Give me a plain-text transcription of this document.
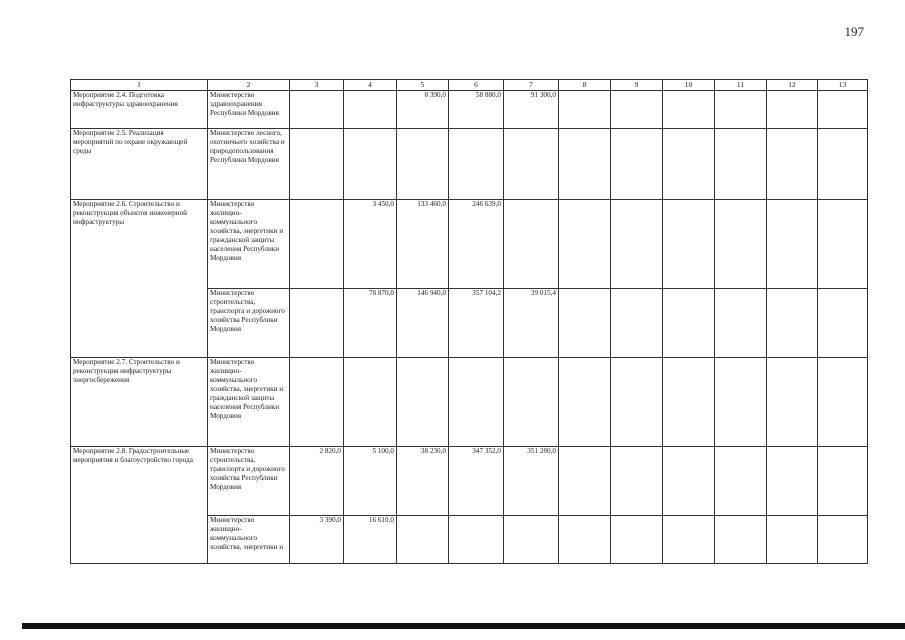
197
1	2	3	4	5	6	7	8	9	10	11	12	13
Мероприятие 2.4. Подготовка инфраструктуры здравоохранения	Министерство здравоохранения Республики Мордовия			8 390,0	58 880,0	91 300,0						
Мероприятие 2.5. Реализация мероприятий по охране окружающей среды	Министерство лесного, охотничьего хозяйства и природопользования Республики Мордовия											
Мероприятие 2.6. Строительство и реконструкция объектов инженерной инфраструктуры	Министерство жилищно-коммунального хозяйства, энергетики и гражданской защиты населения Республики Мордовия		3 450,0	133 460,0	246 639,0							
	Министерство строительства, транспорта и дорожного хозяйства Республики Мордовия		78 870,0	146 940,0	357 104,2	39 015,4						
Мероприятие 2.7. Строительство и реконструкция инфраструктуры энергосбережения	Министерство жилищно-коммунального хозяйства, энергетики и гражданской защиты населения Республики Мордовия											
Мероприятие 2.8. Градостроительные мероприятия и благоустройство города	Министерство строительства, транспорта и дорожного хозяйства Республики Мордовия	2 820,0	5 100,0	38 230,0	347 352,0	351 280,0						
	Министерство жилищно-коммунального хозяйства, энергетики и	3 390,0	16 610,0									
